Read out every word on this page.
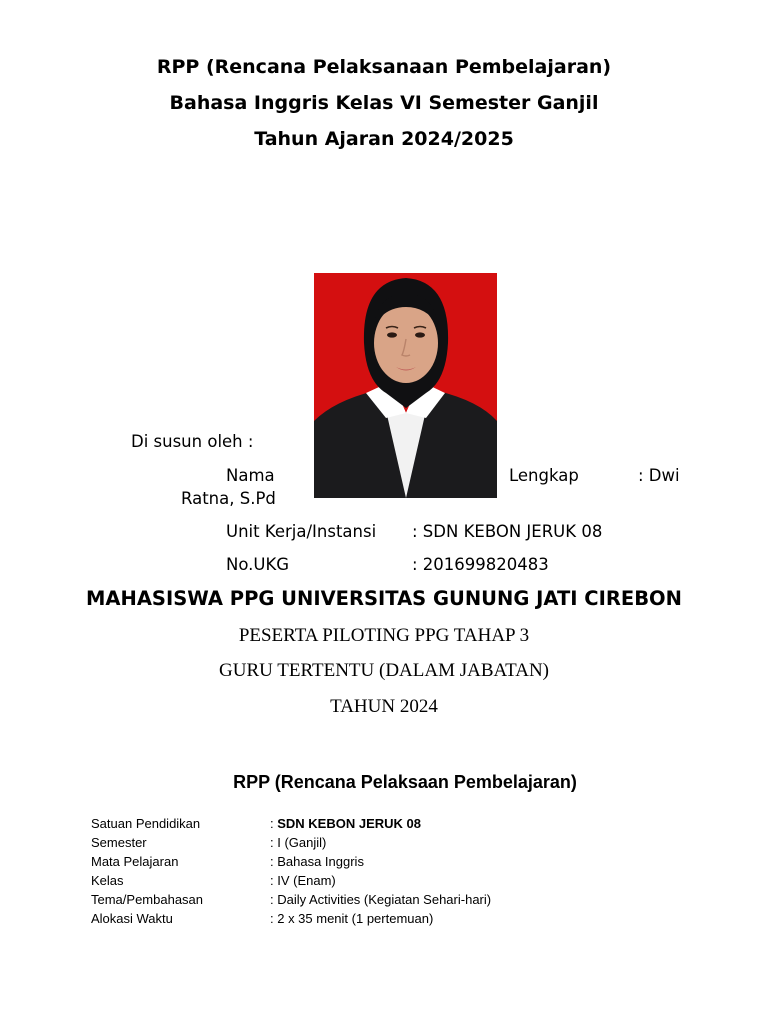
RPP (Rencana Pelaksanaan Pembelajaran)
Bahasa Inggris Kelas VI Semester Ganjil
Tahun Ajaran 2024/2025
Di susun oleh :
Nama	Lengkap	: Dwi
Ratna, S.Pd
Unit Kerja/Instansi : SDN KEBON JERUK 08
No.UKG	: 201699820483
MAHASISWA PPG UNIVERSITAS GUNUNG JATI CIREBON
PESERTA PILOTING PPG TAHAP 3
GURU TERTENTU (DALAM JABATAN)
TAHUN 2024
RPP (Rencana Pelaksaan Pembelajaran)
Satuan Pendidikan	: SDN KEBON JERUK 08
Semester	: I (Ganjil)
Mata Pelajaran	: Bahasa Inggris
Kelas	: IV (Enam)
Tema/Pembahasan	: Daily Activities (Kegiatan Sehari-hari)
Alokasi Waktu	: 2 x 35 menit (1 pertemuan)
